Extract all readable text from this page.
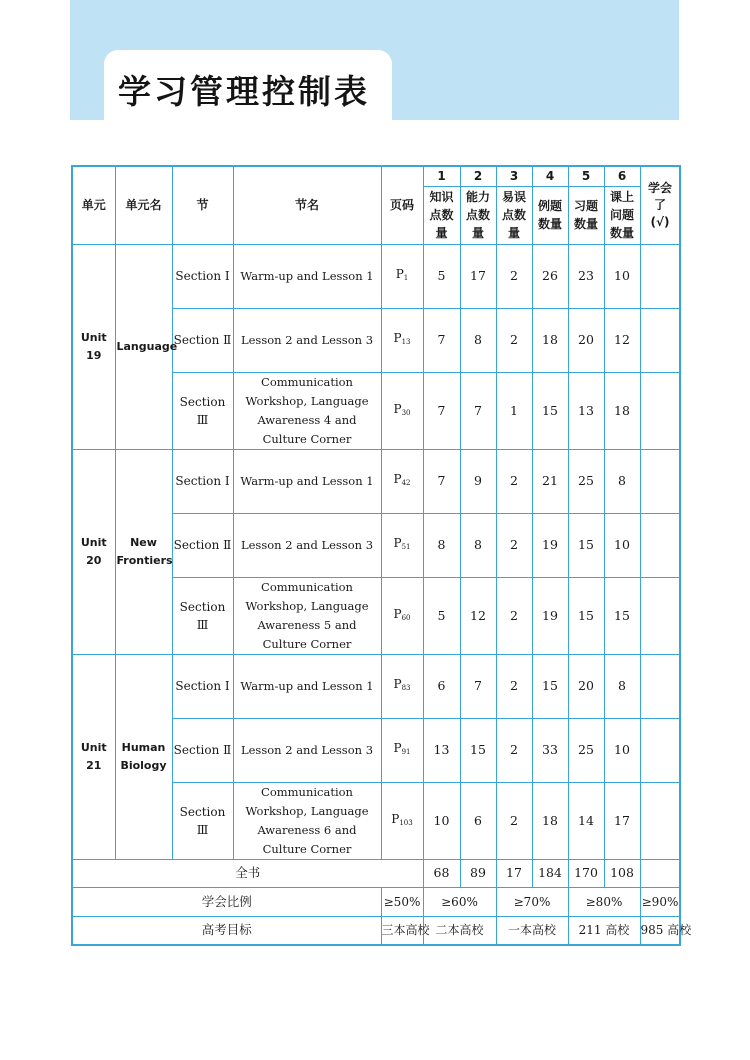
学习管理控制表
单元	单元名	节	节名	页码	1	2	3	4	5	6	学会了(√)	

					知识点数量	能力点数量	易误点数量	例题数量	习题数量	课上问题数量		

Unit 19	Language	Section Ⅰ	Warm-up and Lesson 1	$P_1$	5	17	2	26	23	10		
		Section Ⅱ	Lesson 2 and Lesson 3	$P_{13}$	7	8	2	18	20	12		
		Section Ⅲ	Communication Workshop, Language Awareness 4 and Culture Corner	$P_{30}$	7	7	1	15	13	18		

Unit 20	New Frontiers	Section Ⅰ	Warm-up and Lesson 1	$P_{42}$	7	9	2	21	25	8		
		Section Ⅱ	Lesson 2 and Lesson 3	$P_{51}$	8	8	2	19	15	10		
		Section Ⅲ	Communication Workshop, Language Awareness 5 and Culture Corner	$P_{60}$	5	12	2	19	15	15		

Unit 21	Human Biology	Section Ⅰ	Warm-up and Lesson 1	$P_{83}$	6	7	2	15	20	8		
		Section Ⅱ	Lesson 2 and Lesson 3	$P_{91}$	13	15	2	33	25	10		
		Section Ⅲ	Communication Workshop, Language Awareness 6 and Culture Corner	$P_{103}$	10	6	2	18	14	17		
全书					68	89	17	184	170	108		
学会比例				≥50%	≥60%		≥70%		≥80%		≥90%	
高考目标				三本高校	二本高校		一本高校		211 高校		985 高校	
